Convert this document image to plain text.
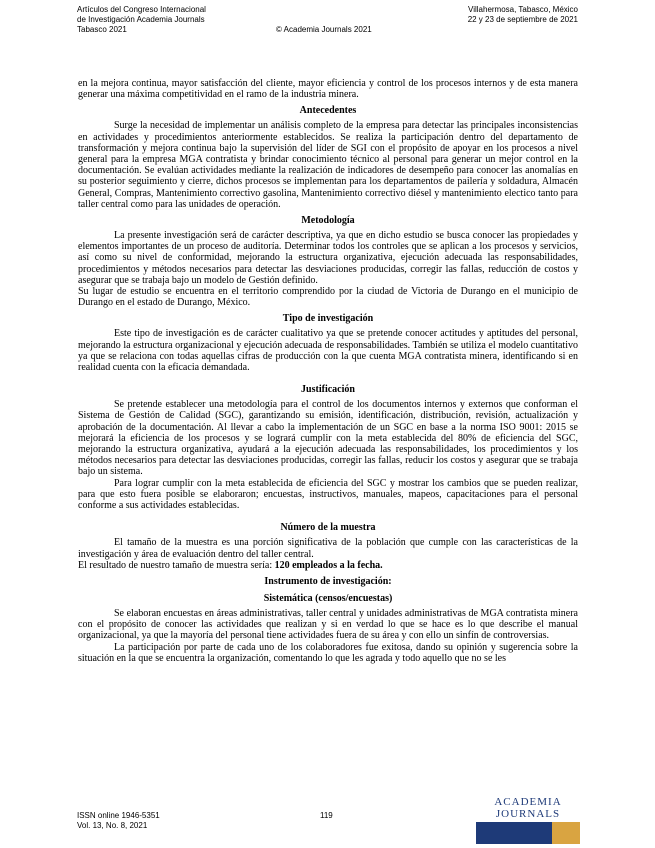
Artículos del Congreso Internacional
de Investigación Academia Journals
Tabasco 2021	© Academia Journals 2021
Villahermosa, Tabasco, México
22 y 23 de septiembre de 2021

en la mejora continua, mayor satisfacción del cliente, mayor eficiencia y control de los procesos internos y de esta manera generar una máxima competitividad en el ramo de la industria minera.

Antecedentes

Surge la necesidad de implementar un análisis completo de la empresa para detectar las principales inconsistencias en actividades y procedimientos anteriormente establecidos. Se realiza la participación dentro del departamento de transformación y mejora continua bajo la supervisión del líder de SGI con el propósito de apoyar en los procesos a nivel general para la empresa MGA contratista y brindar conocimiento técnico al personal para generar un mejor control en la documentación. Se evalúan actividades mediante la realización de indicadores de desempeño para conocer las anomalías en su posterior seguimiento y cierre, dichos procesos se implementan para los departamentos de pailería y soldadura, Almacén General, Compras, Mantenimiento correctivo gasolina, Mantenimiento correctivo diésel y mantenimiento electico tanto para taller central como para las unidades de operación.

Metodología

La presente investigación será de carácter descriptiva, ya que en dicho estudio se busca conocer las propiedades y elementos importantes de un proceso de auditoría. Determinar todos los controles que se aplican a los procesos y servicios, así como su nivel de conformidad, mejorando la estructura organizativa, ejecución adecuada las responsabilidades, procedimientos y métodos necesarios para detectar las desviaciones producidas, corregir las fallas, reducción de costos y asegurar que se trabaja bajo un modelo de Gestión definido.

Su lugar de estudio se encuentra en el territorio comprendido por la ciudad de Victoria de Durango en el municipio de Durango en el estado de Durango, México.

Tipo de investigación

Este tipo de investigación es de carácter cualitativo ya que se pretende conocer actitudes y aptitudes del personal, mejorando la estructura organizacional y ejecución adecuada de responsabilidades. También se utiliza el modelo cuantitativo ya que se relaciona con todas aquellas cifras de producción con la que cuenta MGA contratista minera, identificando si en realidad cuenta con la eficacia demandada.

Justificación

Se pretende establecer una metodología para el control de los documentos internos y externos que conforman el Sistema de Gestión de Calidad (SGC), garantizando su emisión, identificación, distribución, revisión, actualización y aprobación de la documentación. Al llevar a cabo la implementación de un SGC en base a la norma ISO 9001: 2015 se mejorará la eficiencia de los procesos y se logrará cumplir con la meta establecida del 80% de eficiencia del SGC, mejorando la estructura organizativa, ayudará a la ejecución adecuada las responsabilidades, los procedimientos y los métodos necesarios para detectar las desviaciones producidas, corregir las fallas, reducir los costos y asegurar que se trabaja bajo un sistema.

Para lograr cumplir con la meta establecida de eficiencia del SGC y mostrar los cambios que se pueden realizar, para que esto fuera posible se elaboraron; encuestas, instructivos, manuales, mapeos, capacitaciones para el personal conforme a sus actividades establecidas.

Número de la muestra

El tamaño de la muestra es una porción significativa de la población que cumple con las características de la investigación y área de evaluación dentro del taller central.

El resultado de nuestro tamaño de muestra sería: 120 empleados a la fecha.

Instrumento de investigación:
Sistemática (censos/encuestas)

Se elaboran encuestas en áreas administrativas, taller central y unidades administrativas de MGA contratista minera con el propósito de conocer las actividades que realizan y si en verdad lo que se hace es lo que describe el manual organizacional, ya que la mayoría del personal tiene actividades fuera de su área y con ello un sinfín de controversias.

La participación por parte de cada uno de los colaboradores fue exitosa, dando su opinión y sugerencia sobre la situación en la que se encuentra la organización, comentando lo que les agrada y todo aquello que no se les

ISSN online 1946-5351
Vol. 13, No. 8, 2021
119
ACADEMIA JOURNALS
